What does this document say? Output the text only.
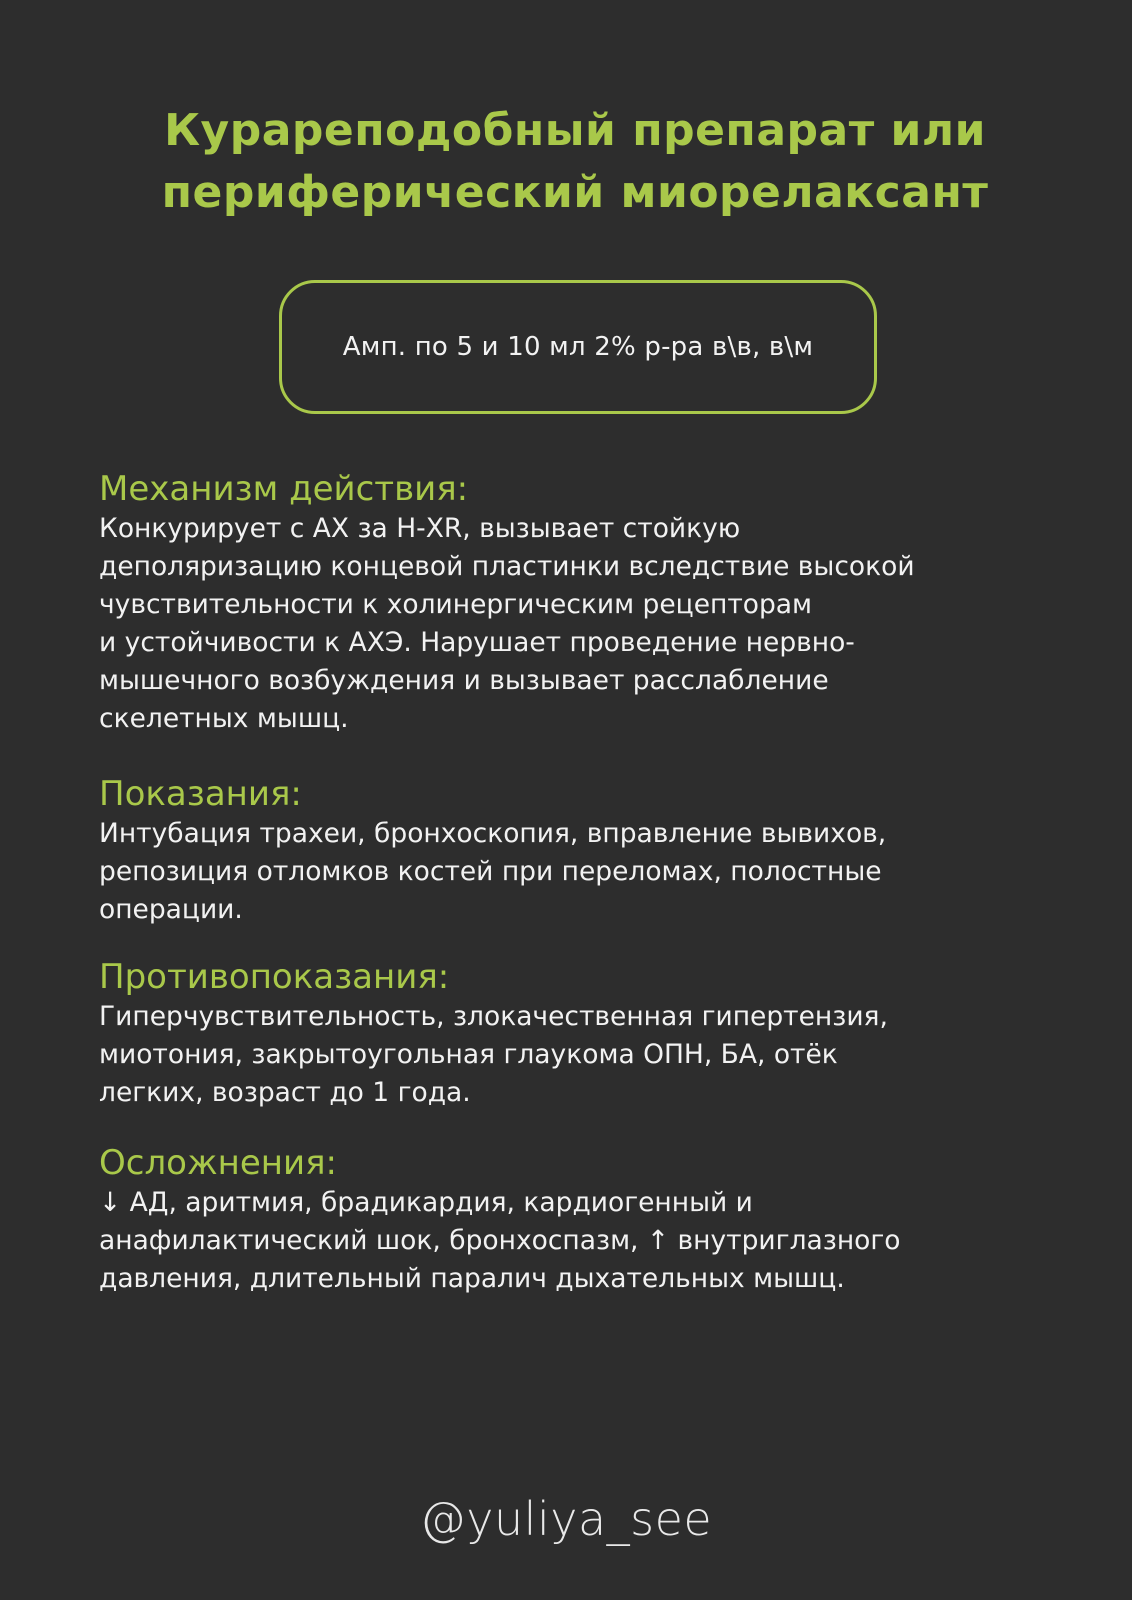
Курареподобный препарат или
периферический миорелаксант
Амп. по 5 и 10 мл 2% р-ра в\в, в\м
Механизм действия:

Конкурирует с АХ за Н-ХR, вызывает стойкую
деполяризацию концевой пластинки вследствие высокой
чувствительности к холинергическим рецепторам
и устойчивости к АХЭ. Нарушает проведение нервно-
мышечного возбуждения и вызывает расслабление
скелетных мышц.

Показания:

Интубация трахеи, бронхоскопия, вправление вывихов,
репозиция отломков костей при переломах, полостные
операции.

Противопоказания:

Гиперчувствительность, злокачественная гипертензия,
миотония, закрытоугольная глаукома ОПН, БА, отёк
легких, возраст до 1 года.

Осложнения:

↓ АД, аритмия, брадикардия, кардиогенный и
анафилактический шок, бронхоспазм, ↑ внутриглазного
давления, длительный паралич дыхательных мышц.

@yuliya_see
